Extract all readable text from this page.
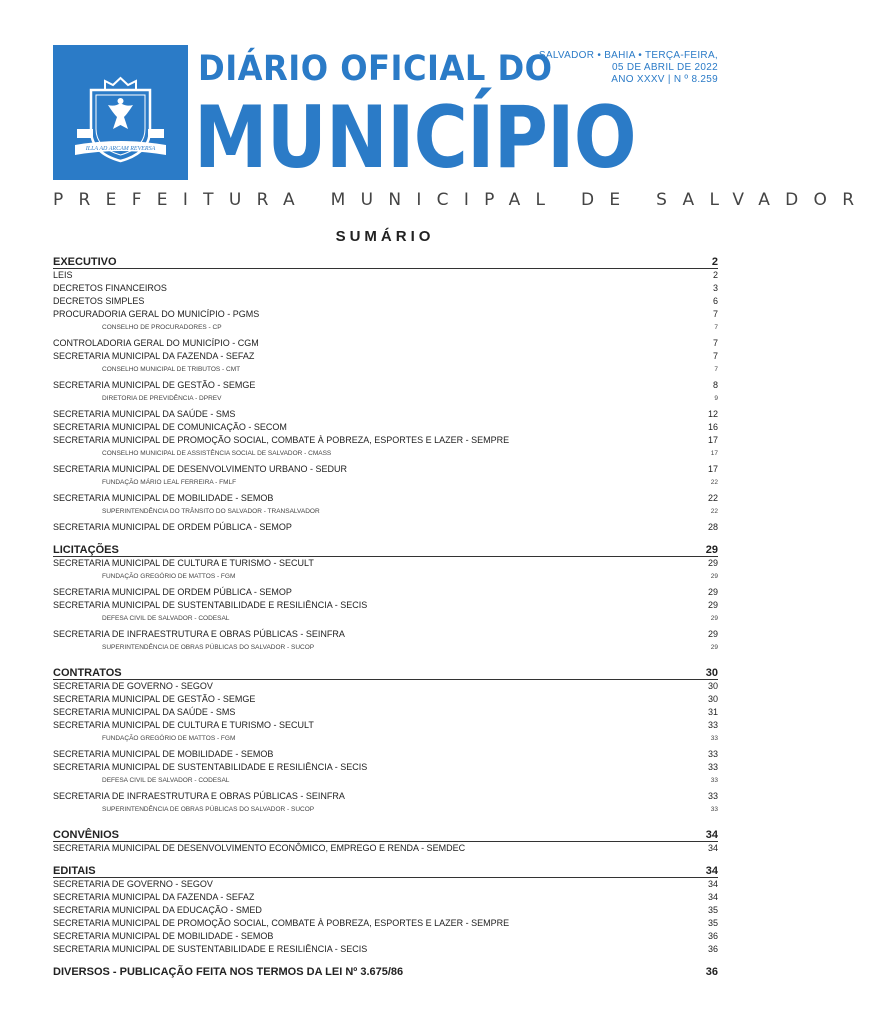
ILLA AD ARCAM REVERSA
DIÁRIO OFICIAL DO
MUNICÍPIO
SALVADOR • BAHIA • TERÇA-FEIRA,
05 DE ABRIL DE 2022
ANO XXXV | N º 8.259
PREFEITURA MUNICIPAL DE SALVADOR
SUMÁRIO
EXECUTIVO	2
LEIS	2
DECRETOS FINANCEIROS	3
DECRETOS SIMPLES	6
PROCURADORIA GERAL DO MUNICÍPIO - PGMS	7
CONSELHO DE PROCURADORES - CP	7
CONTROLADORIA GERAL DO MUNICÍPIO - CGM	7
SECRETARIA MUNICIPAL DA FAZENDA - SEFAZ	7
CONSELHO MUNICIPAL DE TRIBUTOS - CMT	7
SECRETARIA MUNICIPAL DE GESTÃO - SEMGE	8
DIRETORIA DE PREVIDÊNCIA - DPREV	9
SECRETARIA MUNICIPAL DA SAÚDE - SMS	12
SECRETARIA MUNICIPAL DE COMUNICAÇÃO - SECOM	16
SECRETARIA MUNICIPAL DE PROMOÇÃO SOCIAL, COMBATE À POBREZA, ESPORTES E LAZER - SEMPRE	17
CONSELHO MUNICIPAL DE ASSISTÊNCIA SOCIAL DE SALVADOR - CMASS	17
SECRETARIA MUNICIPAL DE DESENVOLVIMENTO URBANO - SEDUR	17
FUNDAÇÃO MÁRIO LEAL FERREIRA - FMLF	22
SECRETARIA MUNICIPAL DE MOBILIDADE - SEMOB	22
SUPERINTENDÊNCIA DO TRÂNSITO DO SALVADOR - TRANSALVADOR	22
SECRETARIA MUNICIPAL DE ORDEM PÚBLICA - SEMOP	28
LICITAÇÕES	29
SECRETARIA MUNICIPAL DE CULTURA E TURISMO - SECULT	29
FUNDAÇÃO GREGÓRIO DE MATTOS - FGM	29
SECRETARIA MUNICIPAL DE ORDEM PÚBLICA - SEMOP	29
SECRETARIA MUNICIPAL DE SUSTENTABILIDADE E RESILIÊNCIA - SECIS	29
DEFESA CIVIL DE SALVADOR - CODESAL	29
SECRETARIA DE INFRAESTRUTURA E OBRAS PÚBLICAS - SEINFRA	29
SUPERINTENDÊNCIA DE OBRAS PÚBLICAS DO SALVADOR - SUCOP	29
CONTRATOS	30
SECRETARIA DE GOVERNO - SEGOV	30
SECRETARIA MUNICIPAL DE GESTÃO - SEMGE	30
SECRETARIA MUNICIPAL DA SAÚDE - SMS	31
SECRETARIA MUNICIPAL DE CULTURA E TURISMO - SECULT	33
FUNDAÇÃO GREGÓRIO DE MATTOS - FGM	33
SECRETARIA MUNICIPAL DE MOBILIDADE - SEMOB	33
SECRETARIA MUNICIPAL DE SUSTENTABILIDADE E RESILIÊNCIA - SECIS	33
DEFESA CIVIL DE SALVADOR - CODESAL	33
SECRETARIA DE INFRAESTRUTURA E OBRAS PÚBLICAS - SEINFRA	33
SUPERINTENDÊNCIA DE OBRAS PÚBLICAS DO SALVADOR - SUCOP	33
CONVÊNIOS	34
SECRETARIA MUNICIPAL DE DESENVOLVIMENTO ECONÔMICO, EMPREGO E RENDA - SEMDEC	34
EDITAIS	34
SECRETARIA DE GOVERNO - SEGOV	34
SECRETARIA MUNICIPAL DA FAZENDA - SEFAZ	34
SECRETARIA MUNICIPAL DA EDUCAÇÃO - SMED	35
SECRETARIA MUNICIPAL DE PROMOÇÃO SOCIAL, COMBATE À POBREZA, ESPORTES E LAZER - SEMPRE	35
SECRETARIA MUNICIPAL DE MOBILIDADE - SEMOB	36
SECRETARIA MUNICIPAL DE SUSTENTABILIDADE E RESILIÊNCIA - SECIS	36
DIVERSOS - PUBLICAÇÃO FEITA NOS TERMOS DA LEI Nº 3.675/86	36
